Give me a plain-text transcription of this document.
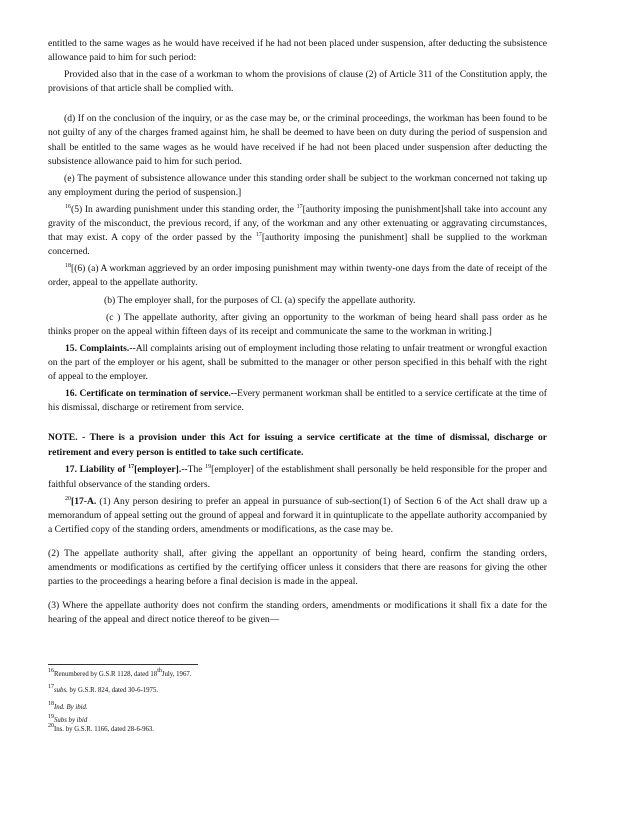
entitled to the same wages as he would have received if he had not been placed under suspension, after deducting the subsistence allowance paid to him for such period:

Provided also that in the case of a workman to whom the provisions of clause (2) of Article 311 of the Constitution apply, the provisions of that article shall be complied with.

(d) If on the conclusion of the inquiry, or as the case may be, or the criminal proceedings, the workman has been found to be not guilty of any of the charges framed against him, he shall be deemed to have been on duty during the period of suspension and shall be entitled to the same wages as he would have received if he had not been placed under suspension after deducting the subsistence allowance paid to him for such period.

(e) The payment of subsistence allowance under this standing order shall be subject to the workman concerned not taking up any employment during the period of suspension.]

$^{16}$(5) In awarding punishment under this standing order, the $^{17}$[authority imposing the punishment]shall take into account any gravity of the misconduct, the previous record, if any, of the workman and any other extenuating or aggravating circumstances, that may exist. A copy of the order passed by the $^{17}$[authority imposing the punishment] shall be supplied to the workman concerned.

$^{18}$[(6) (a) A workman aggrieved by an order imposing punishment may within twenty-one days from the date of receipt of the order, appeal to the appellate authority.

(b) The employer shall, for the purposes of Cl. (a) specify the appellate authority.

(c ) The appellate authority, after giving an opportunity to the workman of being heard shall pass order as he thinks proper on the appeal within fifteen days of its receipt and communicate the same to the workman in writing.]

15. Complaints.--All complaints arising out of employment including those relating to unfair treatment or wrongful exaction on the part of the employer or his agent, shall be submitted to the manager or other person specified in this behalf with the right of appeal to the employer.

16. Certificate on termination of service.--Every permanent workman shall be entitled to a service certificate at the time of his dismissal, discharge or retirement from service.

NOTE. - There is a provision under this Act for issuing a service certificate at the time of dismissal, discharge or retirement and every person is entitled to take such certificate.

17. Liability of $^{17}$[employer].--The $^{19}$[employer] of the establishment shall personally be held responsible for the proper and faithful observance of the standing orders.

$^{20}$[17-A. (1) Any person desiring to prefer an appeal in pursuance of sub-section(1) of Section 6 of the Act shall draw up a memorandum of appeal setting out the ground of appeal and forward it in quintuplicate to the appellate authority accompanied by a Certified copy of the standing orders, amendments or modifications, as the case may be.

(2) The appellate authority shall, after giving the appellant an opportunity of being heard, confirm the standing orders, amendments or modifications as certified by the certifying officer unless it considers that there are reasons for giving the other parties to the proceedings a hearing before a final decision is made in the appeal.

(3) Where the appellate authority does not confirm the standing orders, amendments or modifications it shall fix a date for the hearing of the appeal and direct notice thereof to be given—

$^{16}$Renumbered by G.S.R 1128, dated 18thJuly, 1967.
$^{17}$subs. by G.S.R. 824, dated 30-6-1975.
$^{18}$Ind. By ibid.
$^{19}$Subs by ibid
$^{20}$Ins. by G.S.R. 1166, dated 28-6-963.
